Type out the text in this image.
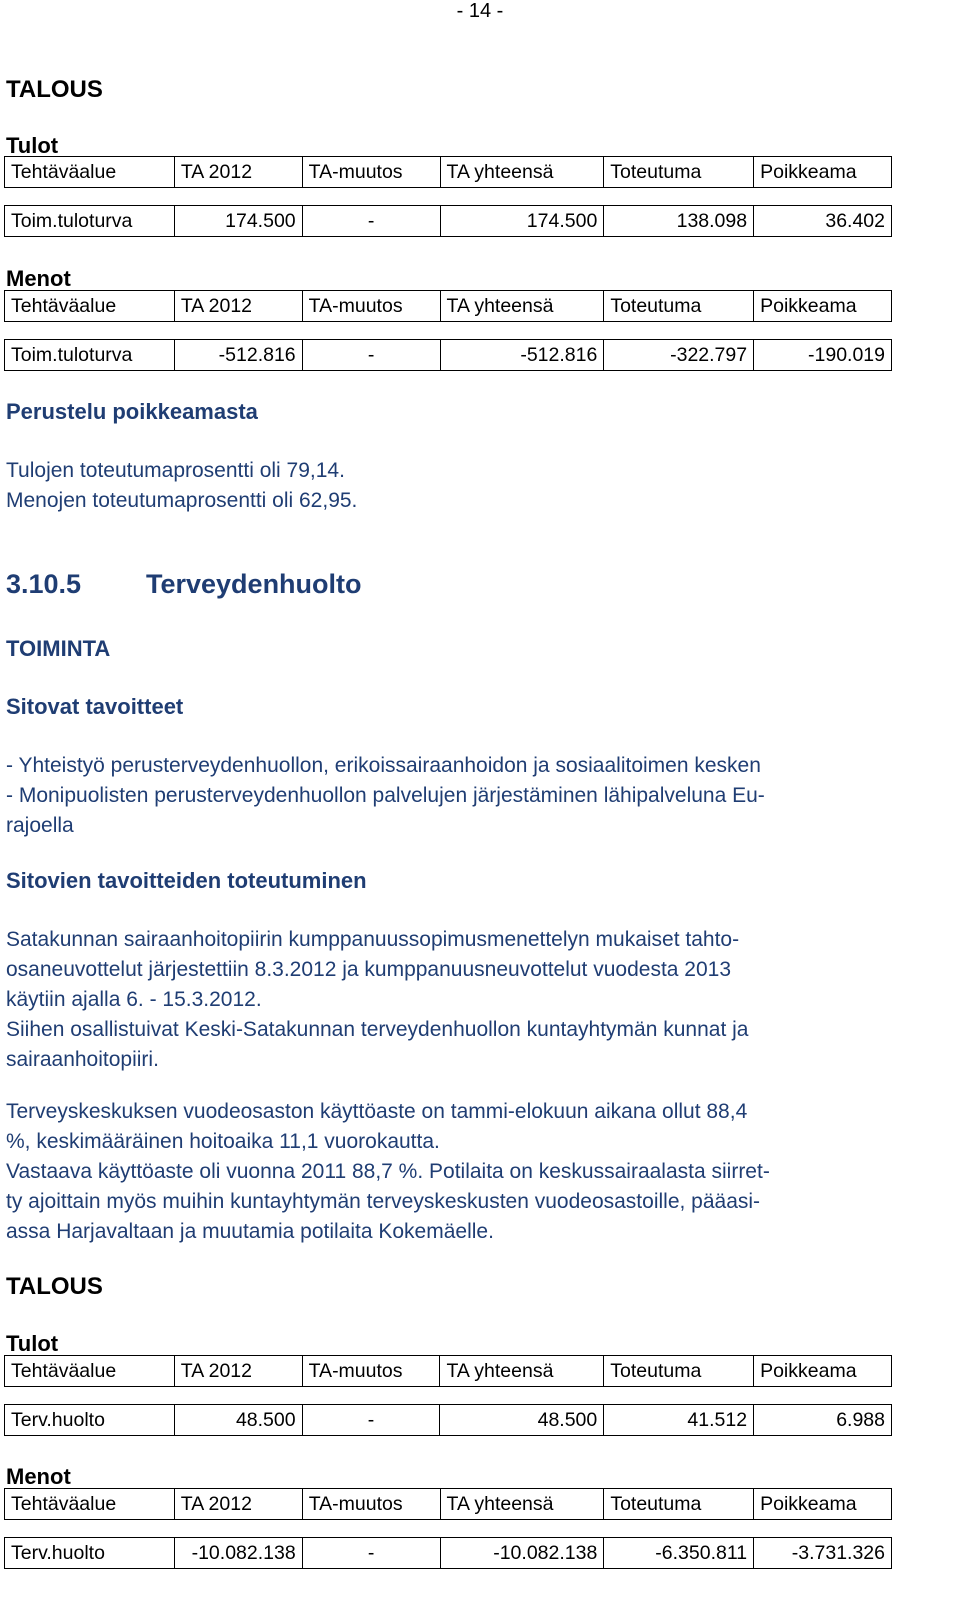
- 14 -
TALOUS
Tulot
Tehtäväalue	TA 2012	TA-muutos	TA yhteensä	Toteutuma	Poikkeama

Toim.tuloturva	174.500	-	174.500	138.098	36.402
Menot
Tehtäväalue	TA 2012	TA-muutos	TA yhteensä	Toteutuma	Poikkeama

Toim.tuloturva	-512.816	-	-512.816	-322.797	-190.019
Perustelu poikkeamasta

Tulojen toteutumaprosentti oli 79,14.

Menojen toteutumaprosentti oli 62,95.

3.10.5 Terveydenhuolto
TOIMINTA
Sitovat tavoitteet

- Yhteistyö perusterveydenhuollon, erikoissairaanhoidon ja sosiaalitoimen kesken

- Monipuolisten perusterveydenhuollon palvelujen järjestäminen lähipalveluna Eu-

rajoella

Sitovien tavoitteiden toteutuminen

Satakunnan sairaanhoitopiirin kumppanuussopimusmenettelyn mukaiset tahto-

osaneuvottelut järjestettiin 8.3.2012 ja kumppanuusneuvottelut vuodesta 2013

käytiin ajalla 6. - 15.3.2012.

Siihen osallistuivat Keski-Satakunnan terveydenhuollon kuntayhtymän kunnat ja

sairaanhoitopiiri.

Terveyskeskuksen vuodeosaston käyttöaste on tammi-elokuun aikana ollut 88,4

%, keskimääräinen hoitoaika 11,1 vuorokautta.

Vastaava käyttöaste oli vuonna 2011 88,7 %. Potilaita on keskussairaalasta siirret-

ty ajoittain myös muihin kuntayhtymän terveyskeskusten vuodeosastoille, pääasi-

assa Harjavaltaan ja muutamia potilaita Kokemäelle.

TALOUS
Tulot
Tehtäväalue	TA 2012	TA-muutos	TA yhteensä	Toteutuma	Poikkeama

Terv.huolto	48.500	-	48.500	41.512	6.988
Menot
Tehtäväalue	TA 2012	TA-muutos	TA yhteensä	Toteutuma	Poikkeama

Terv.huolto	-10.082.138	-	-10.082.138	-6.350.811	-3.731.326
